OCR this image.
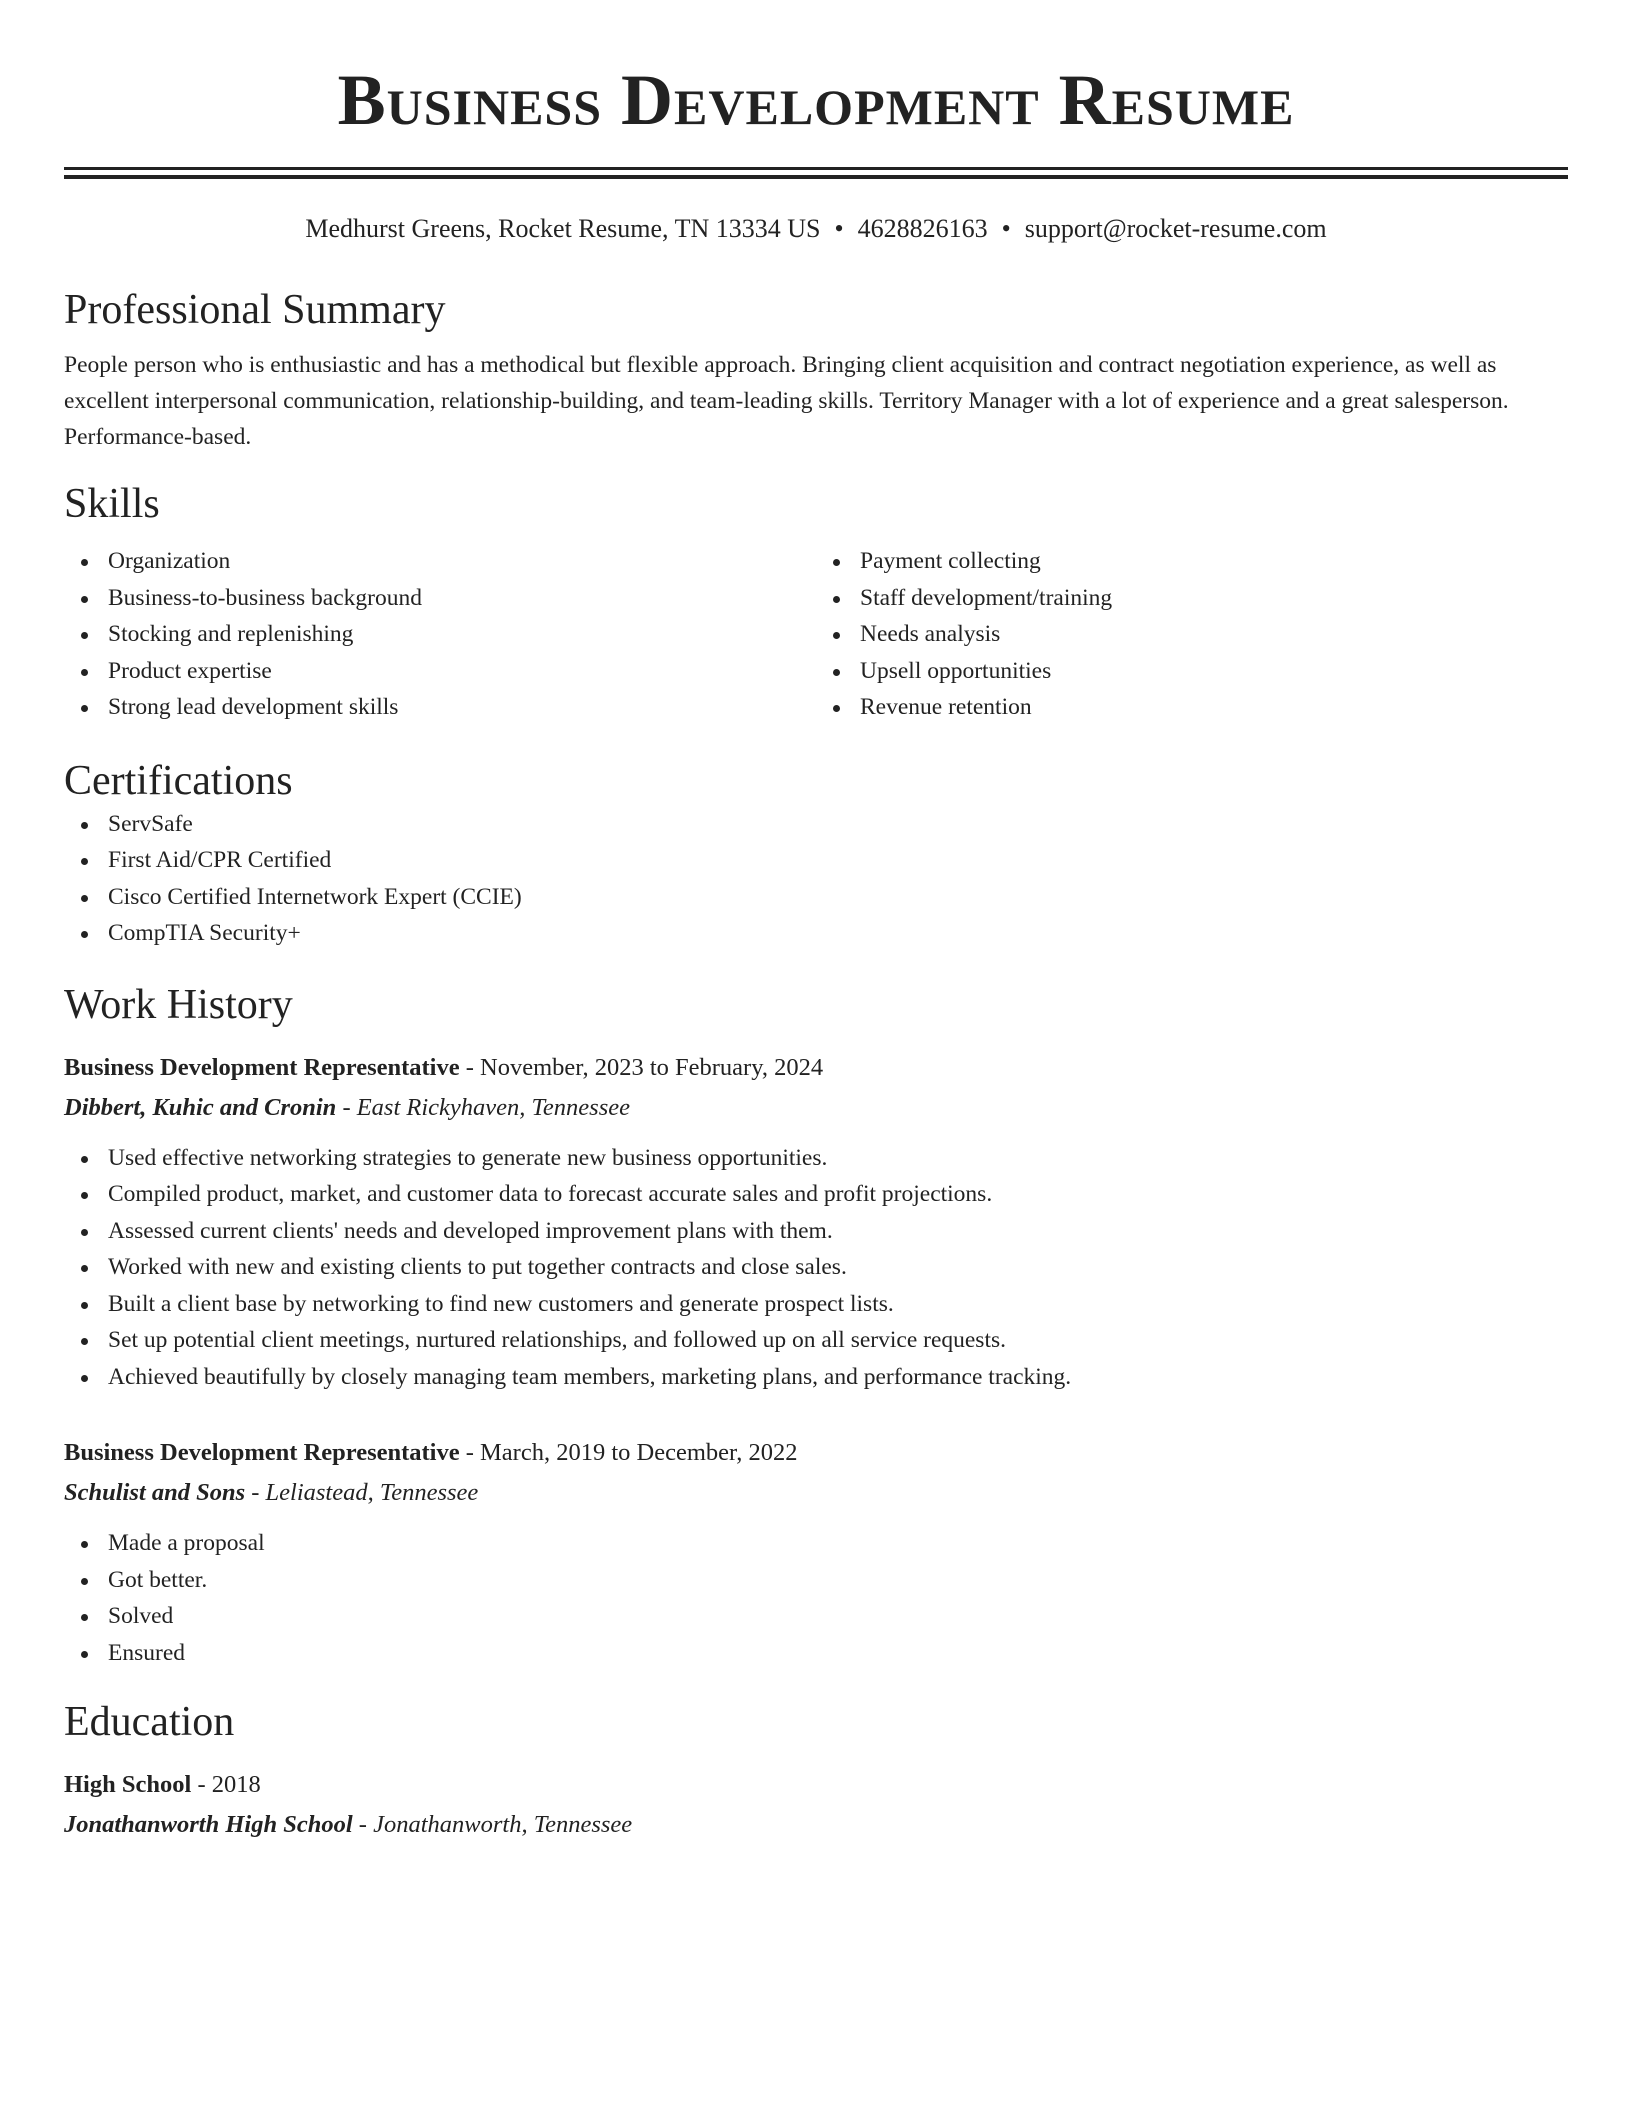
Business Development Resume
Medhurst Greens, Rocket Resume, TN 13334 US • 4628826163 • support@rocket-resume.com
Professional Summary

People person who is enthusiastic and has a methodical but flexible approach. Bringing client acquisition and contract negotiation experience, as well as excellent interpersonal communication, relationship-building, and team-leading skills. Territory Manager with a lot of experience and a great salesperson. Performance-based.

Skills
Organization
Business-to-business background
Stocking and replenishing
Product expertise
Strong lead development skills
Payment collecting
Staff development/training
Needs analysis
Upsell opportunities
Revenue retention
Certifications
ServSafe
First Aid/CPR Certified
Cisco Certified Internetwork Expert (CCIE)
CompTIA Security+
Work History
Business Development Representative - November, 2023 to February, 2024
Dibbert, Kuhic and Cronin - East Rickyhaven, Tennessee
Used effective networking strategies to generate new business opportunities.
Compiled product, market, and customer data to forecast accurate sales and profit projections.
Assessed current clients' needs and developed improvement plans with them.
Worked with new and existing clients to put together contracts and close sales.
Built a client base by networking to find new customers and generate prospect lists.
Set up potential client meetings, nurtured relationships, and followed up on all service requests.
Achieved beautifully by closely managing team members, marketing plans, and performance tracking.
Business Development Representative - March, 2019 to December, 2022
Schulist and Sons - Leliastead, Tennessee
Made a proposal
Got better.
Solved
Ensured
Education
High School - 2018
Jonathanworth High School - Jonathanworth, Tennessee
